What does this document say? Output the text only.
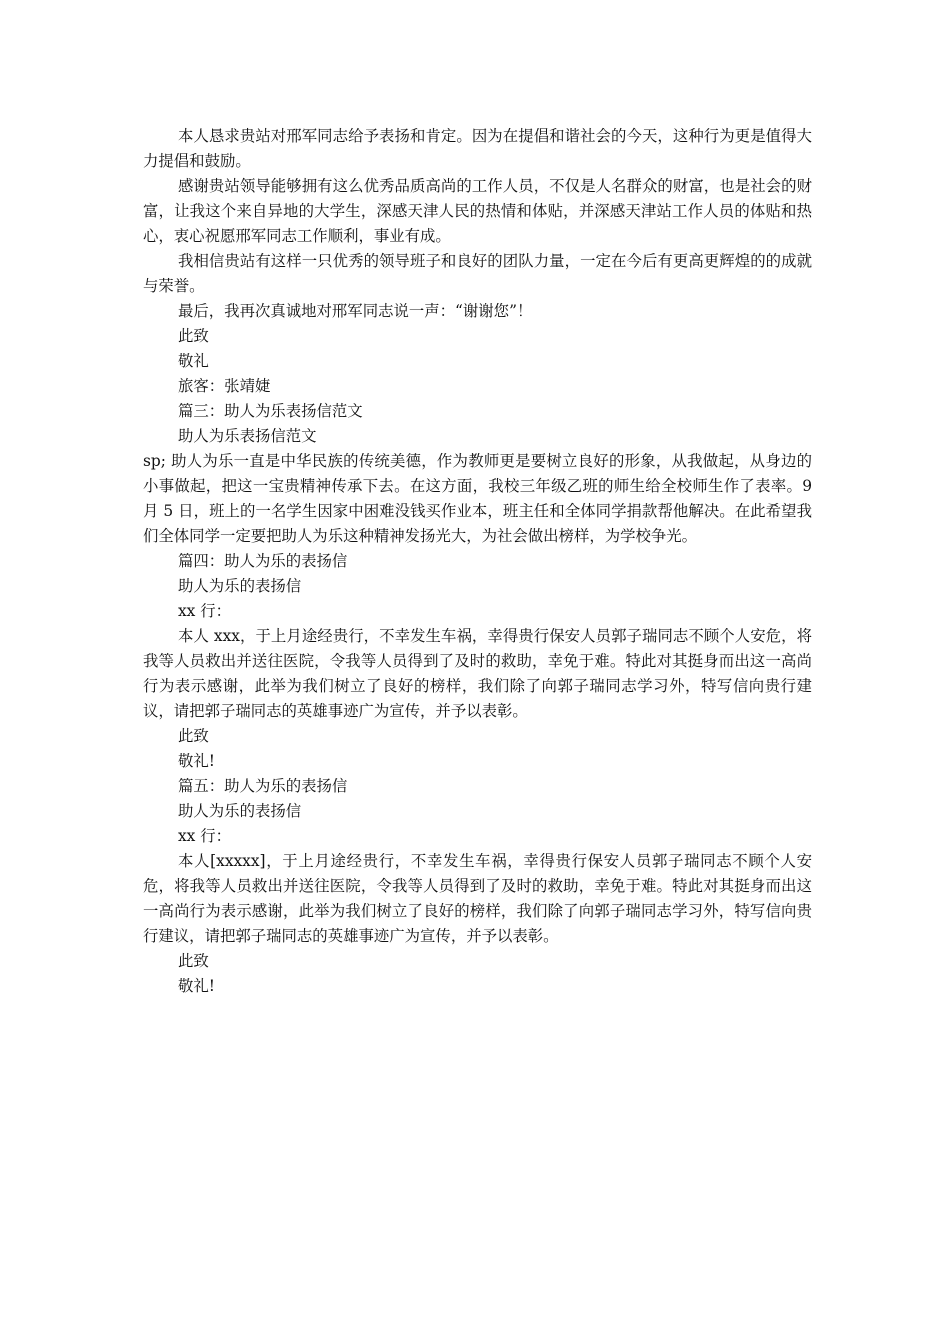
本人恳求贵站对邢军同志给予表扬和肯定。因为在提倡和谐社会的今天，这种行为更是值得大力提倡和鼓励。

感谢贵站领导能够拥有这么优秀品质高尚的工作人员，不仅是人名群众的财富，也是社会的财富，让我这个来自异地的大学生，深感天津人民的热情和体贴，并深感天津站工作人员的体贴和热心，衷心祝愿邢军同志工作顺利，事业有成。

我相信贵站有这样一只优秀的领导班子和良好的团队力量，一定在今后有更高更辉煌的的成就与荣誉。

最后，我再次真诚地对邢军同志说一声：“谢谢您”！

此致

敬礼

旅客：张靖婕

篇三：助人为乐表扬信范文

助人为乐表扬信范文

sp; 助人为乐一直是中华民族的传统美德，作为教师更是要树立良好的形象，从我做起，从身边的小事做起，把这一宝贵精神传承下去。在这方面，我校三年级乙班的师生给全校师生作了表率。9 月 5 日，班上的一名学生因家中困难没钱买作业本，班主任和全体同学捐款帮他解决。在此希望我们全体同学一定要把助人为乐这种精神发扬光大，为社会做出榜样，为学校争光。

篇四：助人为乐的表扬信

助人为乐的表扬信

xx 行：

本人 xxx，于上月途经贵行，不幸发生车祸，幸得贵行保安人员郭子瑞同志不顾个人安危，将我等人员救出并送往医院，令我等人员得到了及时的救助，幸免于难。特此对其挺身而出这一高尚行为表示感谢，此举为我们树立了良好的榜样，我们除了向郭子瑞同志学习外，特写信向贵行建议，请把郭子瑞同志的英雄事迹广为宣传，并予以表彰。

此致

敬礼!

篇五：助人为乐的表扬信

助人为乐的表扬信

xx 行：

本人[xxxxx]，于上月途经贵行，不幸发生车祸，幸得贵行保安人员郭子瑞同志不顾个人安危，将我等人员救出并送往医院，令我等人员得到了及时的救助，幸免于难。特此对其挺身而出这一高尚行为表示感谢，此举为我们树立了良好的榜样，我们除了向郭子瑞同志学习外，特写信向贵行建议，请把郭子瑞同志的英雄事迹广为宣传，并予以表彰。

此致

敬礼!
